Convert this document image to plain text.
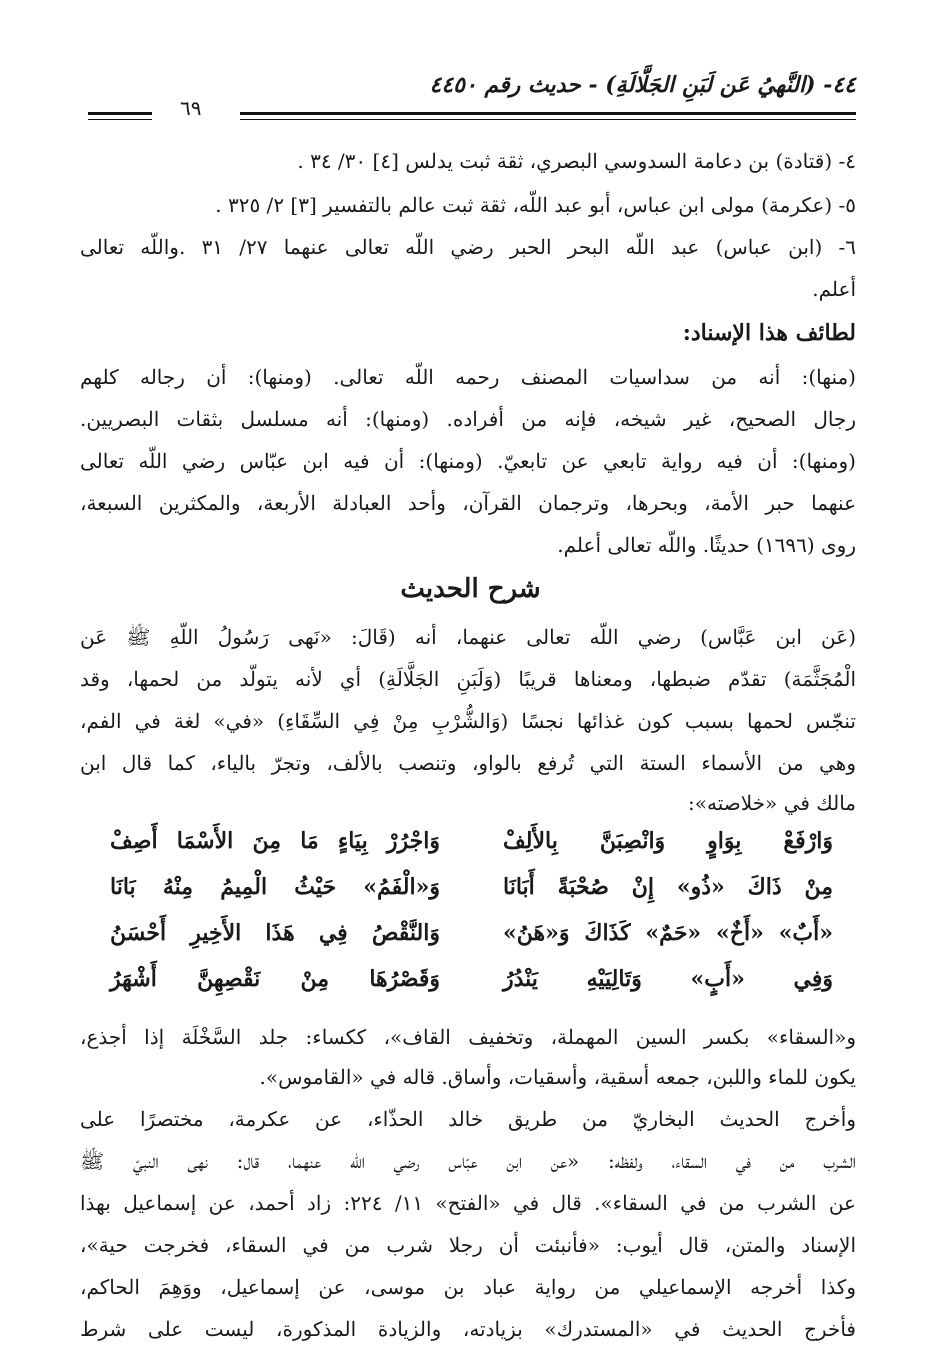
٤٤- (النَّهيُ عَن لَبَنِ الجَلَّالَةِ) - حديث رقم ٤٤٥٠
٦٩
٤- (قتادة) بن دعامة السدوسي البصري، ثقة ثبت يدلس [٤] ٣٠/ ٣٤ .
٥- (عكرمة) مولى ابن عباس، أبو عبد اللّه، ثقة ثبت عالم بالتفسير [٣] ٢/ ٣٢٥ .
٦- (ابن عباس) عبد اللّه البحر الحبر رضي اللّه تعالى عنهما ٢٧/ ٣١ .واللّه تعالى
أعلم.
لطائف هذا الإسناد:
(منها): أنه من سداسيات المصنف رحمه اللّه تعالى. (ومنها): أن رجاله كلهم
رجال الصحيح، غير شيخه، فإنه من أفراده. (ومنها): أنه مسلسل بثقات البصريين.
(ومنها): أن فيه رواية تابعي عن تابعيّ. (ومنها): أن فيه ابن عبّاس رضي اللّه تعالى
عنهما حبر الأمة، وبحرها، وترجمان القرآن، وأحد العبادلة الأربعة، والمكثرين السبعة،
روى (١٦٩٦) حديثًا. واللّه تعالى أعلم.
شرح الحديث
(عَن ابن عَبَّاس) رضي اللّه تعالى عنهما، أنه (قَالَ: «نَهى رَسُولُ اللّهِ ﷺ عَن
الْمُجَثَّمَة) تقدّم ضبطها، ومعناها قريبًا (وَلَبَنِ الجَلَّالَةِ) أي لأنه يتولّد من لحمها، وقد
تنجّس لحمها بسبب كون غذائها نجسًا (وَالشُّرْبِ مِنْ فِي السِّقَاءِ) «في» لغة في الفم،
وهي من الأسماء الستة التي تُرفع بالواو، وتنصب بالألف، وتجرّ بالياء، كما قال ابن
مالك في «خلاصته»:
وَارْفَعْ بِوَاوٍ وَانْصِبَنَّ بِالأَلِفْ
وَاجْرُرْ بِيَاءٍ مَا مِنَ الأَسْمَا أَصِفْ
مِنْ ذَاكَ «ذُو» إِنْ صُحْبَةً أَبَانَا
وَ«الْفَمُ» حَيْثُ الْمِيمُ مِنْهُ بَانَا
«أَبٌ» «أَخٌ» «حَمٌ» كَذَاكَ وَ«هَنُ»
وَالنَّقْصُ فِي هَذَا الأَخِيرِ أَحْسَنُ
وَفِي «أَبٍ» وَتَالِيَيْهِ يَنْدُرُ
وَقَصْرُهَا مِنْ نَقْصِهِنَّ أَشْهَرُ
و«السقاء» بكسر السين المهملة، وتخفيف القاف»، ككساء: جلد السَّخْلَة إذا أجذع،
يكون للماء واللبن، جمعه أسقية، وأسقيات، وأساق. قاله في «القاموس».
وأخرج الحديث البخاريّ من طريق خالد الحذّاء، عن عكرمة، مختصرًا على
الشرب من في السقاء، ولفظه: «عن ابن عبّاس رضي اللّه عنهما، قال: نهى النبيّ ﷺ
عن الشرب من في السقاء». قال في «الفتح» ١١/ ٢٢٤: زاد أحمد، عن إسماعيل بهذا
الإسناد والمتن، قال أيوب: «فأنبئت أن رجلا شرب من في السقاء، فخرجت حية»،
وكذا أخرجه الإسماعيلي من رواية عباد بن موسى، عن إسماعيل، ووَهِمَ الحاكم،
فأخرج الحديث في «المستدرك» بزيادته، والزيادة المذكورة، ليست على شرط
